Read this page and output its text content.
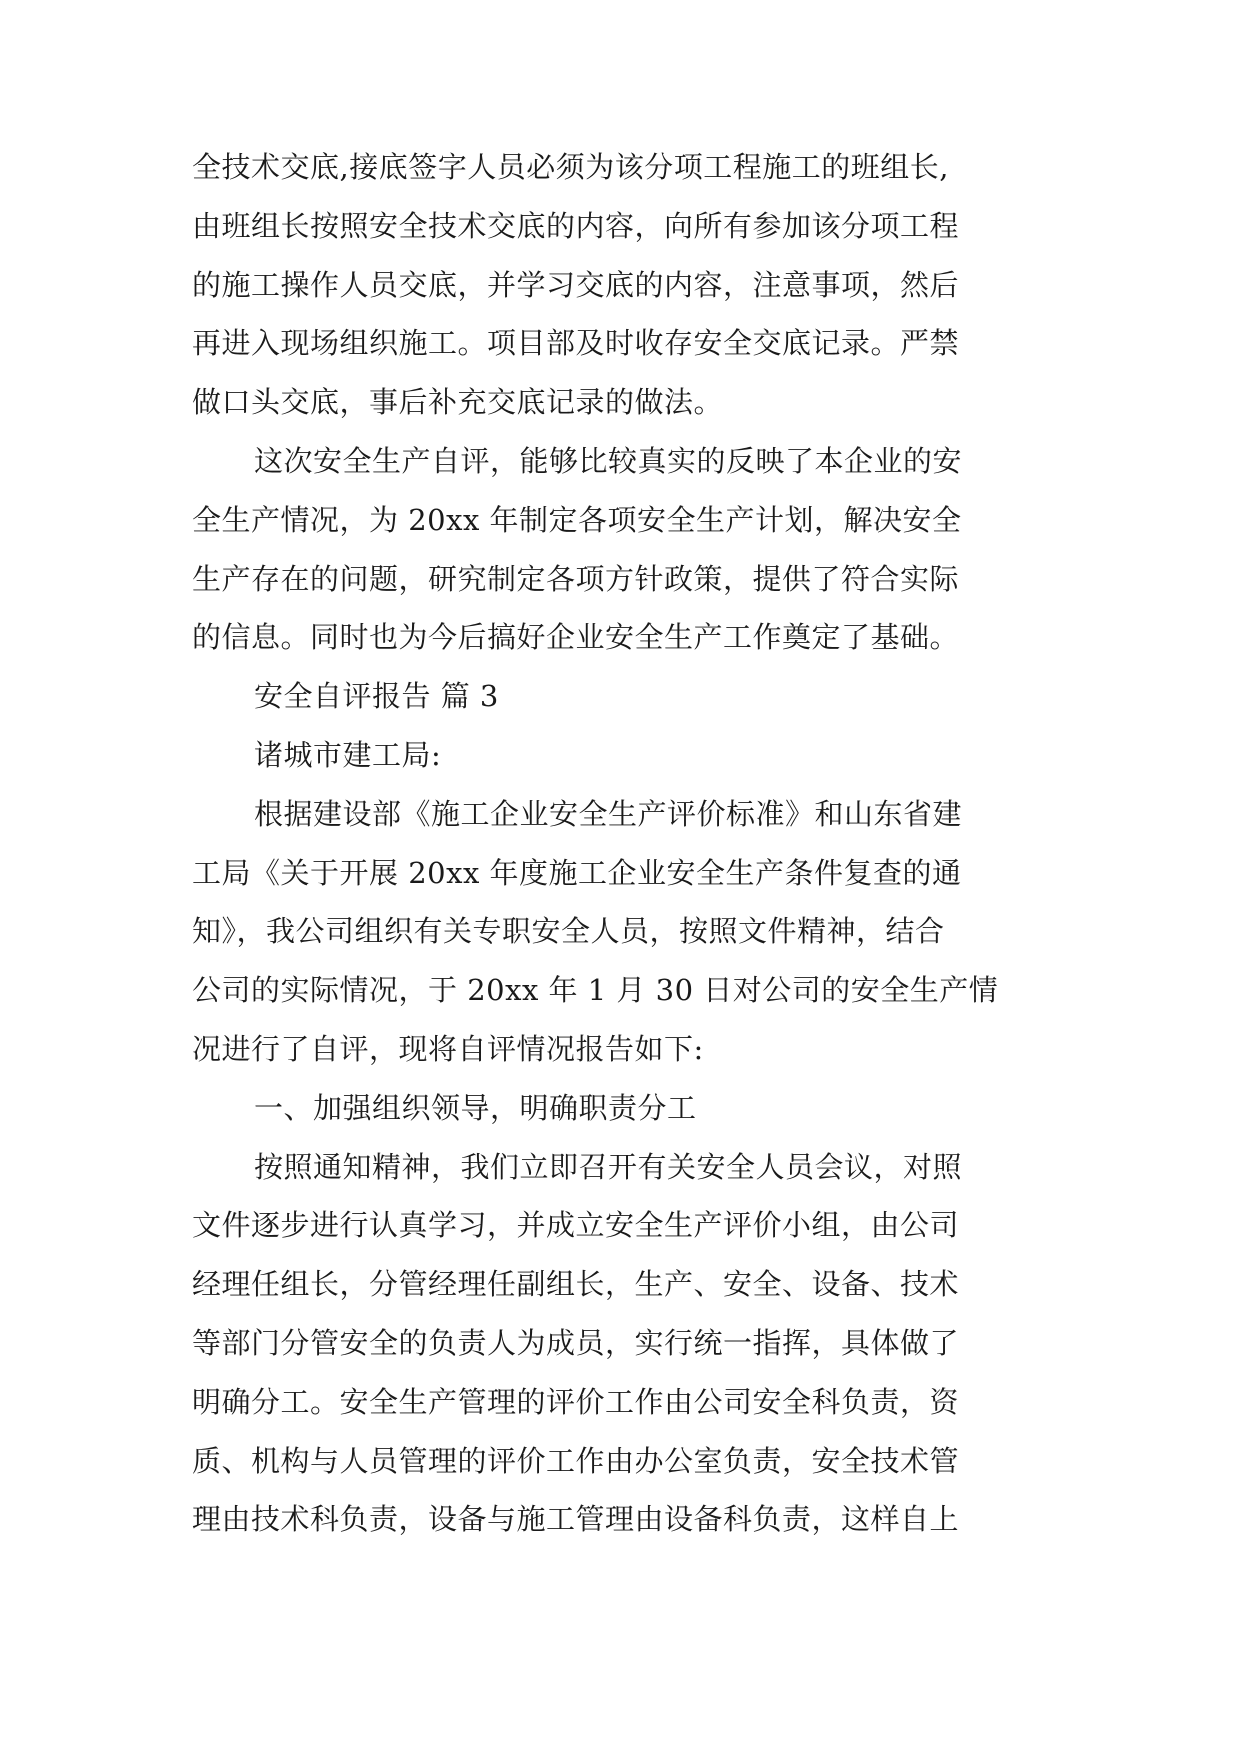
全技术交底,接底签字人员必须为该分项工程施工的班组长,
由班组长按照安全技术交底的内容，向所有参加该分项工程
的施工操作人员交底，并学习交底的内容，注意事项，然后
再进入现场组织施工。项目部及时收存安全交底记录。严禁
做口头交底，事后补充交底记录的做法。
这次安全生产自评，能够比较真实的反映了本企业的安
全生产情况，为 20xx 年制定各项安全生产计划，解决安全
生产存在的问题，研究制定各项方针政策，提供了符合实际
的信息。同时也为今后搞好企业安全生产工作奠定了基础。
安全自评报告 篇 3
诸城市建工局:
根据建设部《施工企业安全生产评价标准》和山东省建
工局《关于开展 20xx 年度施工企业安全生产条件复查的通
知》，我公司组织有关专职安全人员，按照文件精神，结合
公司的实际情况，于 20xx 年 1 月 30 日对公司的安全生产情
况进行了自评，现将自评情况报告如下:
一、加强组织领导，明确职责分工
按照通知精神，我们立即召开有关安全人员会议，对照
文件逐步进行认真学习，并成立安全生产评价小组，由公司
经理任组长，分管经理任副组长，生产、安全、设备、技术
等部门分管安全的负责人为成员，实行统一指挥，具体做了
明确分工。安全生产管理的评价工作由公司安全科负责，资
质、机构与人员管理的评价工作由办公室负责，安全技术管
理由技术科负责，设备与施工管理由设备科负责，这样自上
